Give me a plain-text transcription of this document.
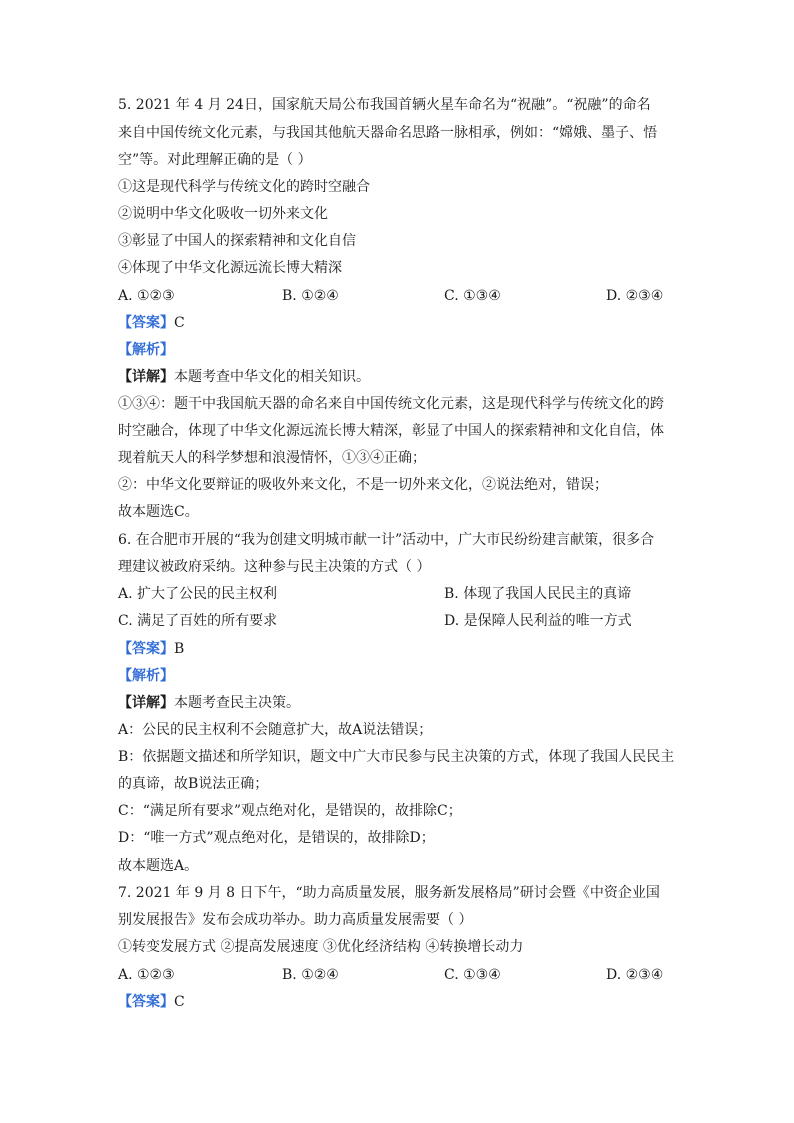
5. 2021 年 4 月 24日，国家航天局公布我国首辆火星车命名为“祝融”。“祝融”的命名
来自中国传统文化元素，与我国其他航天器命名思路一脉相承，例如：“嫦娥、墨子、悟
空”等。对此理解正确的是（ ）
①这是现代科学与传统文化的跨时空融合
②说明中华文化吸收一切外来文化
③彰显了中国人的探索精神和文化自信
④体现了中华文化源远流长博大精深
A. ①②③	B. ①②④	C. ①③④	D. ②③④
【答案】C
【解析】
【详解】本题考查中华文化的相关知识。
①③④：题干中我国航天器的命名来自中国传统文化元素，这是现代科学与传统文化的跨
时空融合，体现了中华文化源远流长博大精深，彰显了中国人的探索精神和文化自信，体
现着航天人的科学梦想和浪漫情怀，①③④正确；
②：中华文化要辩证的吸收外来文化，不是一切外来文化，②说法绝对，错误；
故本题选C。
6. 在合肥市开展的“我为创建文明城市献一计”活动中，广大市民纷纷建言献策，很多合
理建议被政府采纳。这种参与民主决策的方式（ ）
A. 扩大了公民的民主权利	B. 体现了我国人民民主的真谛
C. 满足了百姓的所有要求	D. 是保障人民利益的唯一方式
【答案】B
【解析】
【详解】本题考查民主决策。
A：公民的民主权利不会随意扩大，故A说法错误；
B：依据题文描述和所学知识，题文中广大市民参与民主决策的方式，体现了我国人民民主
的真谛，故B说法正确；
C：“满足所有要求”观点绝对化，是错误的，故排除C；
D：“唯一方式”观点绝对化，是错误的，故排除D；
故本题选A。
7. 2021 年 9 月 8 日下午，“助力高质量发展，服务新发展格局”研讨会暨《中资企业国
别发展报告》发布会成功举办。助力高质量发展需要（ ）
①转变发展方式 ②提高发展速度 ③优化经济结构 ④转换增长动力
A. ①②③	B. ①②④	C. ①③④	D. ②③④
【答案】C
